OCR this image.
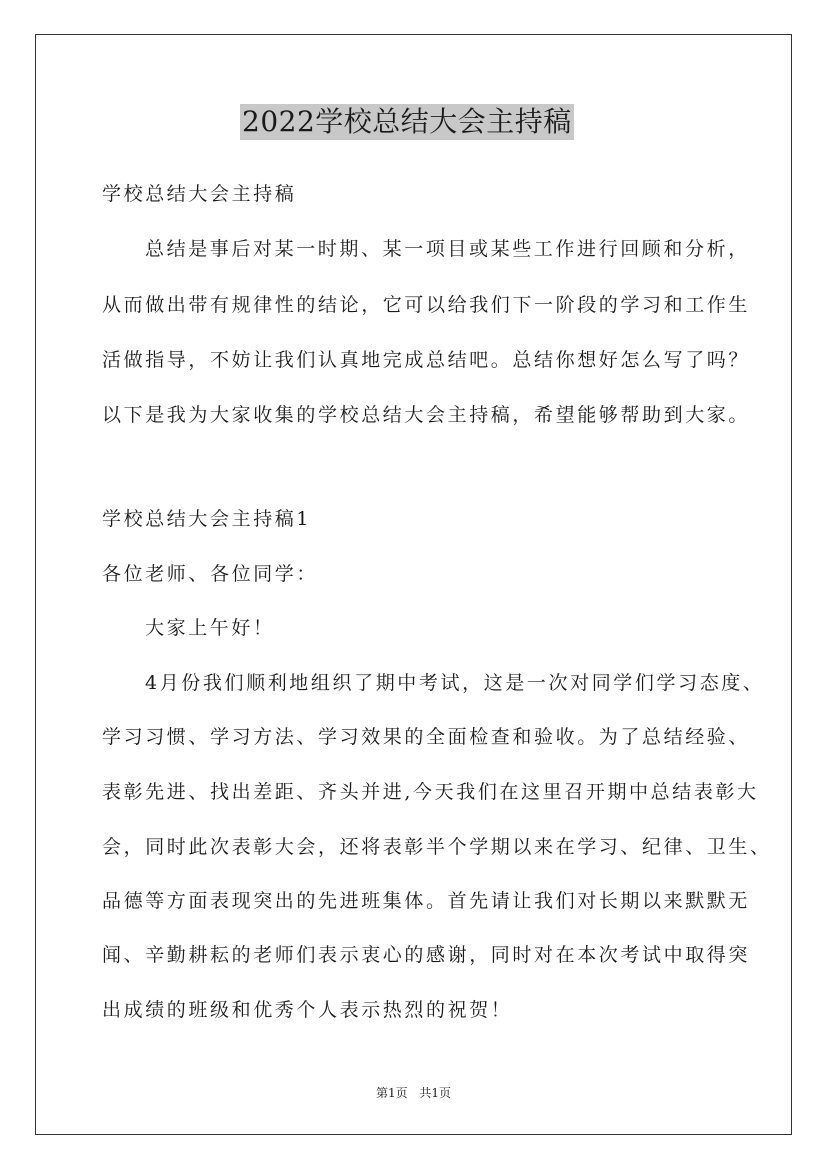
2022学校总结大会主持稿
学校总结大会主持稿
总结是事后对某一时期、某一项目或某些工作进行回顾和分析，
从而做出带有规律性的结论，它可以给我们下一阶段的学习和工作生
活做指导，不妨让我们认真地完成总结吧。总结你想好怎么写了吗？
以下是我为大家收集的学校总结大会主持稿，希望能够帮助到大家。
学校总结大会主持稿1
各位老师、各位同学：
大家上午好！
4月份我们顺利地组织了期中考试，这是一次对同学们学习态度、
学习习惯、学习方法、学习效果的全面检查和验收。为了总结经验、
表彰先进、找出差距、齐头并进,今天我们在这里召开期中总结表彰大
会，同时此次表彰大会，还将表彰半个学期以来在学习、纪律、卫生、
品德等方面表现突出的先进班集体。首先请让我们对长期以来默默无
闻、辛勤耕耘的老师们表示衷心的感谢，同时对在本次考试中取得突
出成绩的班级和优秀个人表示热烈的祝贺！
第1页 共1页
